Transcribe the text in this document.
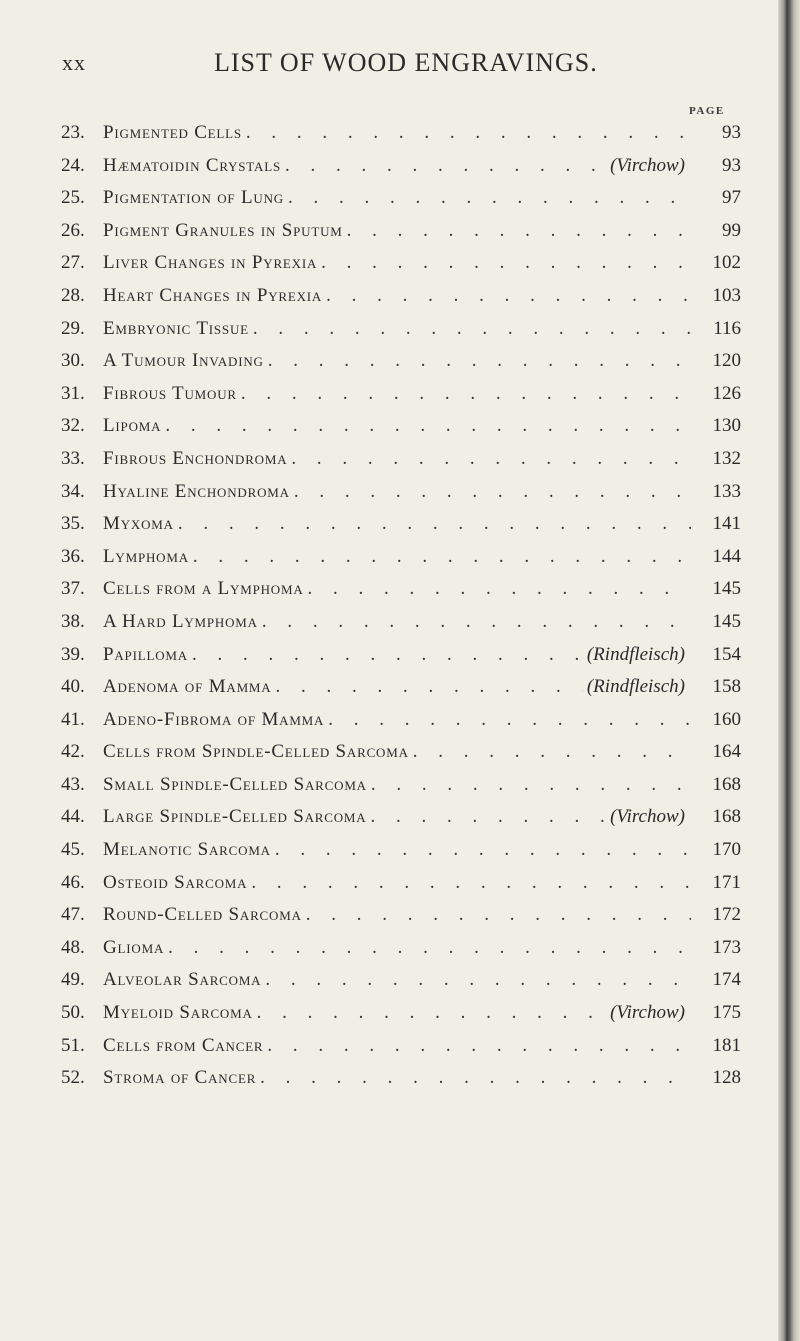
xx	LIST OF WOOD ENGRAVINGS.
PAGE
23. Pigmented Cells . . .	93
24. Hæmatoidin Crystals . . .	(Virchow)	93
25. Pigmentation of Lung . . .	97
26. Pigment Granules in Sputum . . .	99
27. Liver Changes in Pyrexia . . .	102
28. Heart Changes in Pyrexia . . .	103
29. Embryonic Tissue . . .	116
30. A Tumour Invading . . .	120
31. Fibrous Tumour . . .	126
32. Lipoma . . .	130
33. Fibrous Enchondroma . . .	132
34. Hyaline Enchondroma . . .	133
35. Myxoma . . .	141
36. Lymphoma . . .	144
37. Cells from a Lymphoma . . .	145
38. A Hard Lymphoma . . .	145
39. Papilloma . . .	(Rindfleisch)	154
40. Adenoma of Mamma . . .	(Rindfleisch)	158
41. Adeno-Fibroma of Mamma . . .	160
42. Cells from Spindle-Celled Sarcoma . . .	164
43. Small Spindle-Celled Sarcoma . . .	168
44. Large Spindle-Celled Sarcoma . . .	(Virchow)	168
45. Melanotic Sarcoma . . .	170
46. Osteoid Sarcoma . . .	171
47. Round-Celled Sarcoma . . .	172
48. Glioma . . .	173
49. Alveolar Sarcoma . . .	174
50. Myeloid Sarcoma . . .	(Virchow)	175
51. Cells from Cancer . . .	181
52. Stroma of Cancer . . .	128
